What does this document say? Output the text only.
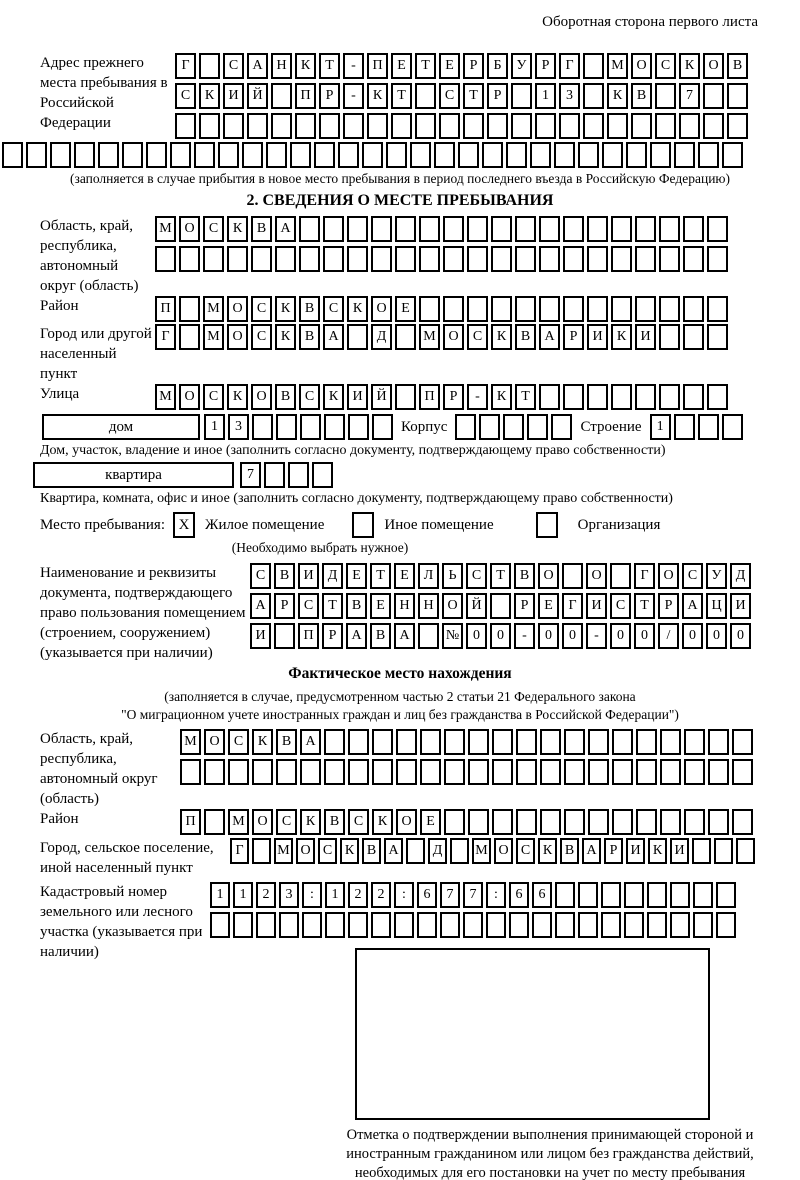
Оборотная сторона первого листа
Адрес прежнего места пребывания в Российской Федерации
Г	С	А Н	К	Т	-	П	Е	Т	Е	Р	Б	У	Р	Г	М О	С	К	О	В
С	К	И Й	П	Р	-	К	Т	С	Т	Р	1	3	К	В	7
(заполняется в случае прибытия в новое место пребывания в период последнего въезда в Российскую Федерацию)
2. СВЕДЕНИЯ О МЕСТЕ ПРЕБЫВАНИЯ
Область, край, республика, автономный округ (область)
М О	С	К	В	А
Район	П	М О	С	К	В	С	К	О	Е
Город или другой населенный пункт
Г	М О	С	К	В	А	Д	М О	С	К	В	А	Р	И	К	И
Улица	М О	С	К	О	В	С	К	И Й	П	Р	-	К	Т
дом	1	3	Корпус	Строение	1
Дом, участок, владение и иное (заполнить согласно документу, подтверждающему право собственности)
квартира	7
Квартира, комната, офис и иное (заполнить согласно документу, подтверждающему право собственности)
Место пребывания: X	Жилое помещение	Иное помещение	Организация
(Необходимо выбрать нужное)
Наименование и реквизиты документа, подтверждающего право пользования помещением (строением, сооружением) (указывается при наличии)
С	В	И	Д	Е	Т	Е	Л	Ь	С	Т	В	О	О	Г	О	С	У	Д
А	Р	С	Т	В	Е	Н Н О Й	Р	Е	Г	И	С	Т	Р	А Ц И
И	П	Р	А	В	А	№ 0	0	-	0	0	-	0	0	/	0	0	0
Фактическое место нахождения
(заполняется в случае, предусмотренном частью 2 статьи 21 Федерального закона
"О миграционном учете иностранных граждан и лиц без гражданства в Российской Федерации")
Область, край, республика, автономный округ (область)
М О	С	К	В	А
Район	П	М О	С	К	В	С	К	О	Е
Город, сельское поселение, иной населенный пункт
Г	М О С К В А	Д	М О С К В А Р И К И
Кадастровый номер земельного или лесного участка (указывается при наличии)
1	1	2	3	:	1	2	2	:	6	7	7	:	6	6
Отметка о подтверждении выполнения принимающей стороной и иностранным гражданином или лицом без гражданства действий, необходимых для его постановки на учет по месту пребывания
